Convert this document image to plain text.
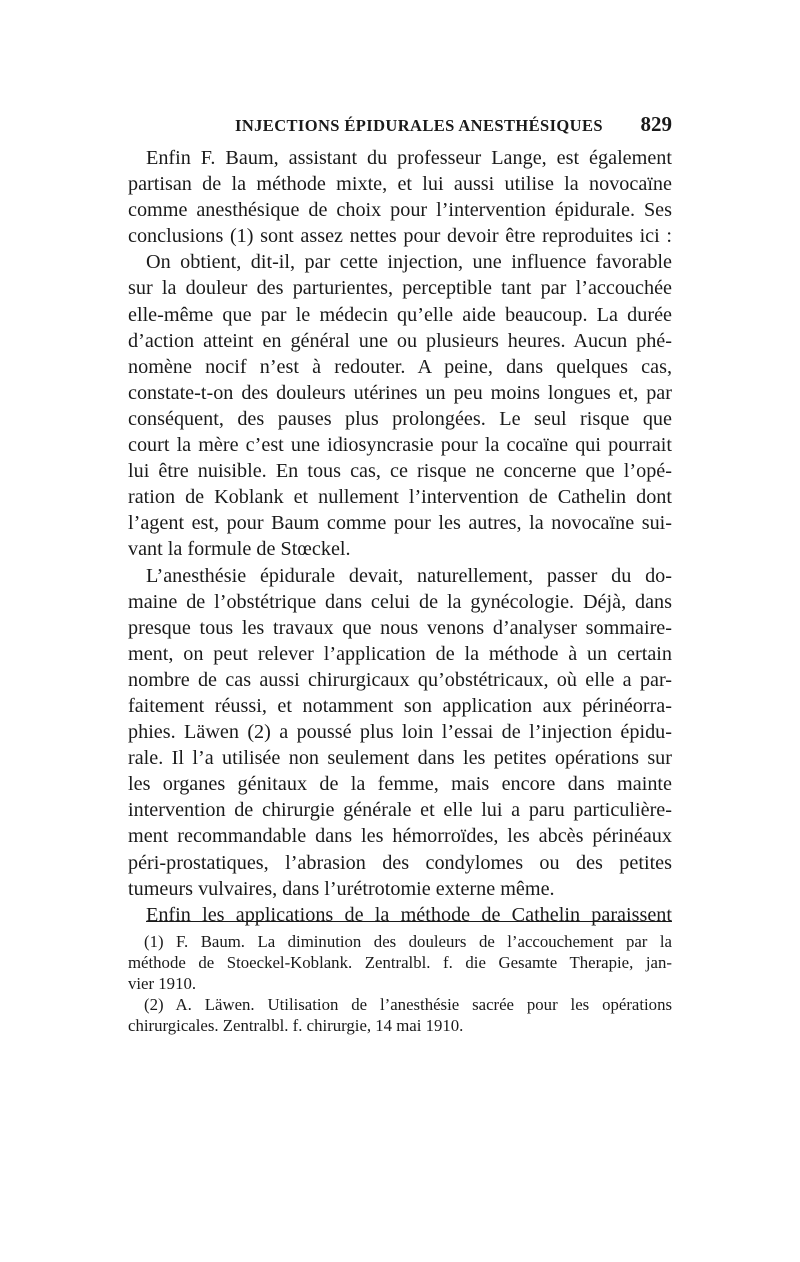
INJECTIONS ÉPIDURALES ANESTHÉSIQUES 829
Enfin F. Baum, assistant du professeur Lange, est également
partisan de la méthode mixte, et lui aussi utilise la novocaïne
comme anesthésique de choix pour l’intervention épidurale. Ses
conclusions (1) sont assez nettes pour devoir être reproduites ici :
On obtient, dit-il, par cette injection, une influence favorable
sur la douleur des parturientes, perceptible tant par l’accouchée
elle-même que par le médecin qu’elle aide beaucoup. La durée
d’action atteint en général une ou plusieurs heures. Aucun phé-
nomène nocif n’est à redouter. A peine, dans quelques cas,
constate-t-on des douleurs utérines un peu moins longues et, par
conséquent, des pauses plus prolongées. Le seul risque que
court la mère c’est une idiosyncrasie pour la cocaïne qui pourrait
lui être nuisible. En tous cas, ce risque ne concerne que l’opé-
ration de Koblank et nullement l’intervention de Cathelin dont
l’agent est, pour Baum comme pour les autres, la novocaïne sui-
vant la formule de Stœckel.
L’anesthésie épidurale devait, naturellement, passer du do-
maine de l’obstétrique dans celui de la gynécologie. Déjà, dans
presque tous les travaux que nous venons d’analyser sommaire-
ment, on peut relever l’application de la méthode à un certain
nombre de cas aussi chirurgicaux qu’obstétricaux, où elle a par-
faitement réussi, et notamment son application aux périnéorra-
phies. Läwen (2) a poussé plus loin l’essai de l’injection épidu-
rale. Il l’a utilisée non seulement dans les petites opérations sur
les organes génitaux de la femme, mais encore dans mainte
intervention de chirurgie générale et elle lui a paru particulière-
ment recommandable dans les hémorroïdes, les abcès périnéaux
péri-prostatiques, l’abrasion des condylomes ou des petites
tumeurs vulvaires, dans l’urétrotomie externe même.
Enfin les applications de la méthode de Cathelin paraissent
(1) F. Baum. La diminution des douleurs de l’accouchement par la
méthode de Stoeckel-Koblank. Zentralbl. f. die Gesamte Therapie, jan-
vier 1910.
(2) A. Läwen. Utilisation de l’anesthésie sacrée pour les opérations
chirurgicales. Zentralbl. f. chirurgie, 14 mai 1910.
